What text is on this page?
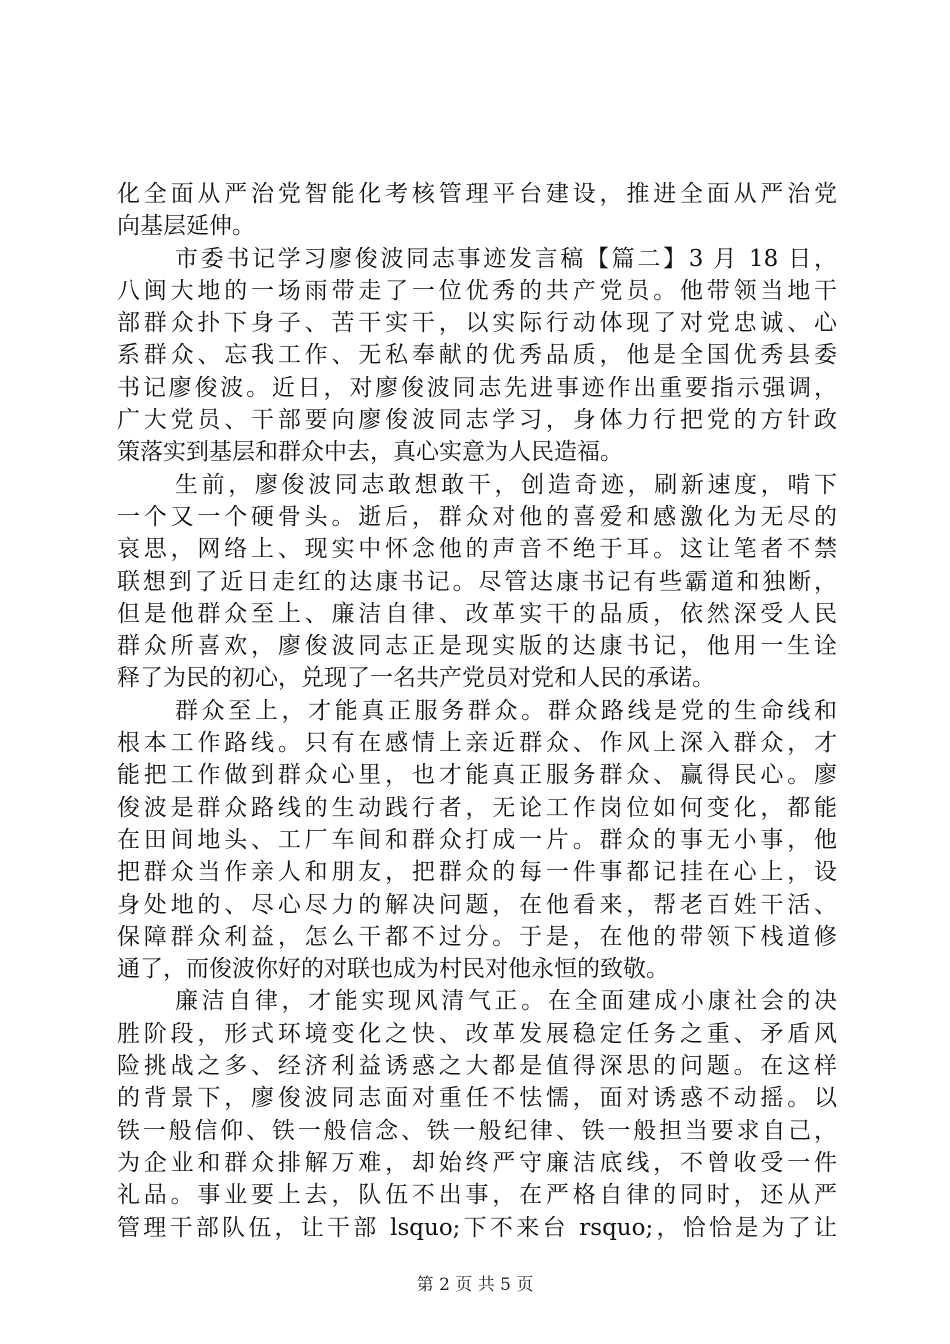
化全面从严治党智能化考核管理平台建设，推进全面从严治党
向基层延伸。
市委书记学习廖俊波同志事迹发言稿【篇二】3 月 18 日，
八闽大地的一场雨带走了一位优秀的共产党员。他带领当地干
部群众扑下身子、苦干实干，以实际行动体现了对党忠诚、心
系群众、忘我工作、无私奉献的优秀品质，他是全国优秀县委
书记廖俊波。近日，对廖俊波同志先进事迹作出重要指示强调，
广大党员、干部要向廖俊波同志学习，身体力行把党的方针政
策落实到基层和群众中去，真心实意为人民造福。
生前，廖俊波同志敢想敢干，创造奇迹，刷新速度，啃下
一个又一个硬骨头。逝后，群众对他的喜爱和感激化为无尽的
哀思，网络上、现实中怀念他的声音不绝于耳。这让笔者不禁
联想到了近日走红的达康书记。尽管达康书记有些霸道和独断，
但是他群众至上、廉洁自律、改革实干的品质，依然深受人民
群众所喜欢，廖俊波同志正是现实版的达康书记，他用一生诠
释了为民的初心，兑现了一名共产党员对党和人民的承诺。
群众至上，才能真正服务群众。群众路线是党的生命线和
根本工作路线。只有在感情上亲近群众、作风上深入群众，才
能把工作做到群众心里，也才能真正服务群众、赢得民心。廖
俊波是群众路线的生动践行者，无论工作岗位如何变化，都能
在田间地头、工厂车间和群众打成一片。群众的事无小事，他
把群众当作亲人和朋友，把群众的每一件事都记挂在心上，设
身处地的、尽心尽力的解决问题，在他看来，帮老百姓干活、
保障群众利益，怎么干都不过分。于是，在他的带领下栈道修
通了，而俊波你好的对联也成为村民对他永恒的致敬。
廉洁自律，才能实现风清气正。在全面建成小康社会的决
胜阶段，形式环境变化之快、改革发展稳定任务之重、矛盾风
险挑战之多、经济利益诱惑之大都是值得深思的问题。在这样
的背景下，廖俊波同志面对重任不怯懦，面对诱惑不动摇。以
铁一般信仰、铁一般信念、铁一般纪律、铁一般担当要求自己，
为企业和群众排解万难，却始终严守廉洁底线，不曾收受一件
礼品。事业要上去，队伍不出事，在严格自律的同时，还从严
管理干部队伍，让干部 lsquo;下不来台 rsquo;，恰恰是为了让
第 2 页 共 5 页
